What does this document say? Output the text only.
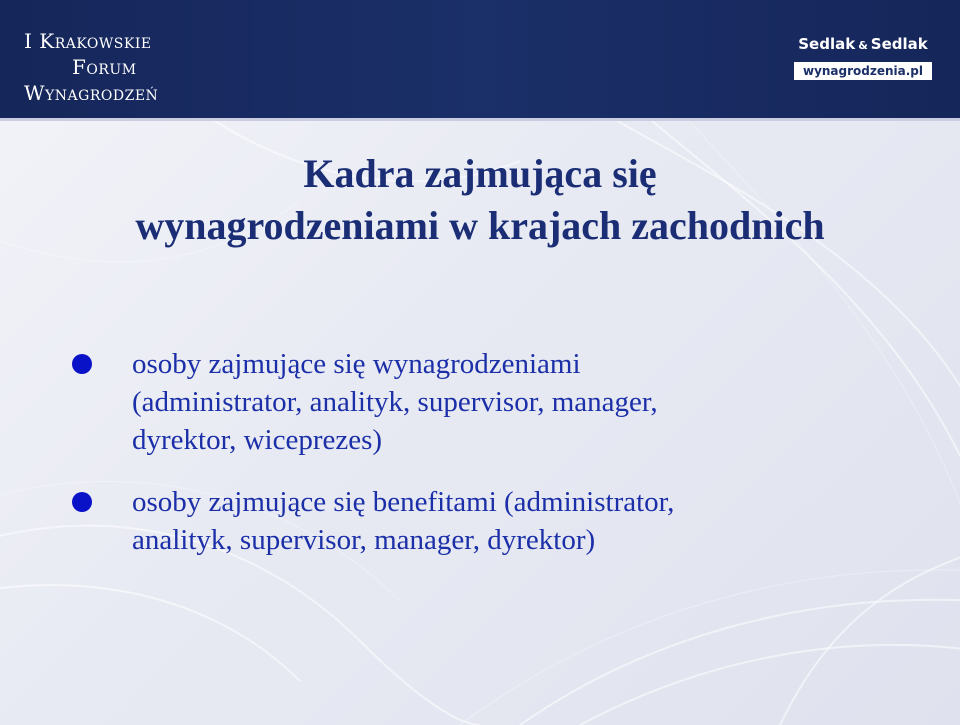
I Krakowskie
Forum
Wynagrodzeń
Sedlak & Sedlak
wynagrodzenia.pl
Kadra zajmująca się
wynagrodzeniami w krajach zachodnich
osoby zajmujące się wynagrodzeniami
(administrator, analityk, supervisor, manager,
dyrektor, wiceprezes)
osoby zajmujące się benefitami (administrator,
analityk, supervisor, manager, dyrektor)
